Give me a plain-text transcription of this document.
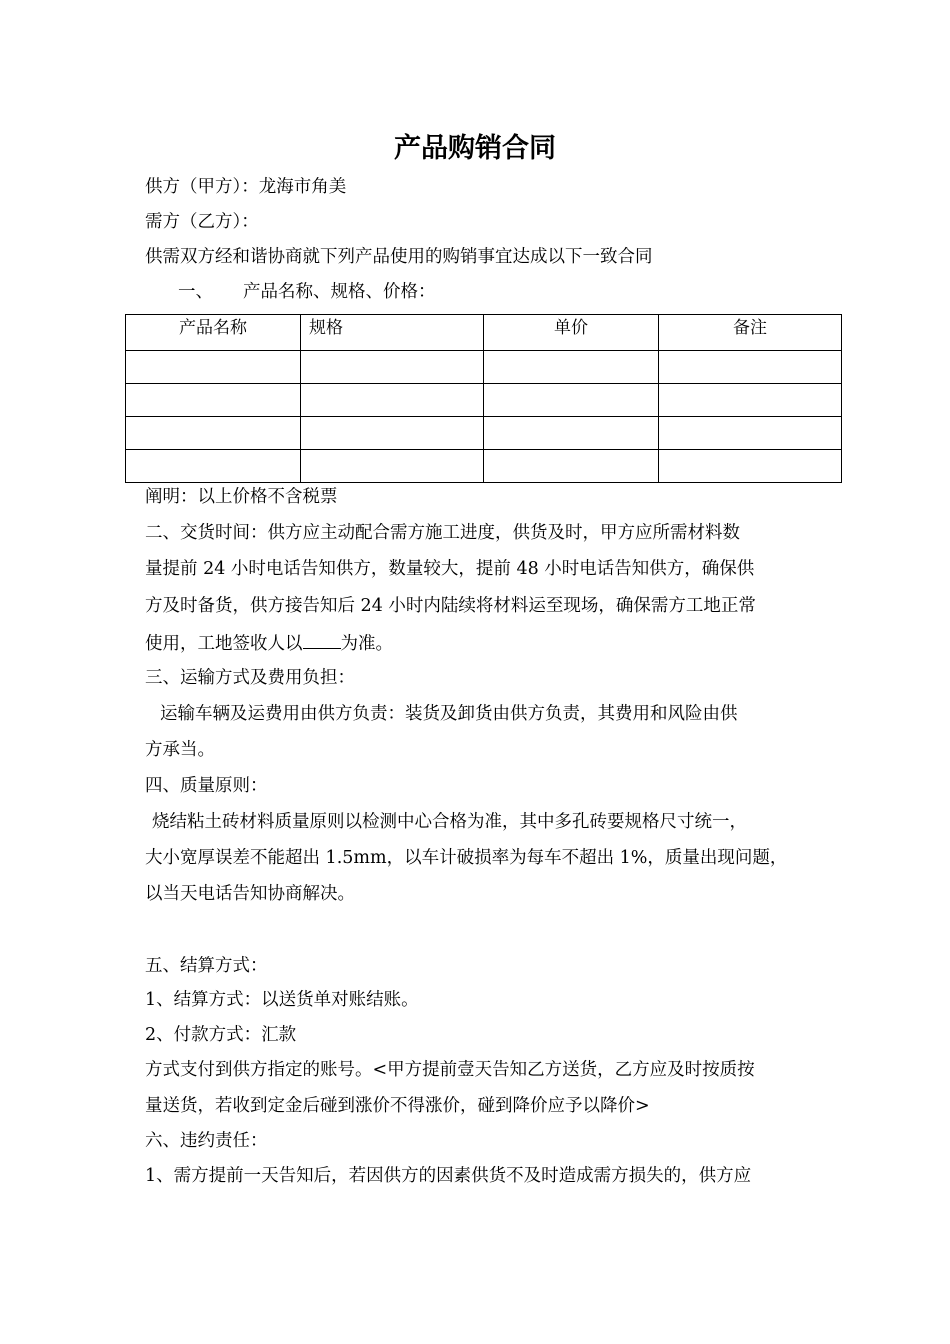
产品购销合同
供方（甲方）：龙海市角美
需方（乙方）：
供需双方经和谐协商就下列产品使用的购销事宜达成以下一致合同
一、 产品名称、规格、价格：
产品名称	规格	单价	备注

阐明：以上价格不含税票
二、交货时间：供方应主动配合需方施工进度，供货及时，甲方应所需材料数
量提前 24 小时电话告知供方，数量较大，提前 48 小时电话告知供方，确保供
方及时备货，供方接告知后 24 小时内陆续将材料运至现场，确保需方工地正常
使用，工地签收人以 为准。
三、运输方式及费用负担：
运输车辆及运费用由供方负责：装货及卸货由供方负责，其费用和风险由供
方承当。
四、质量原则：
烧结粘土砖材料质量原则以检测中心合格为准，其中多孔砖要规格尺寸统一，
大小宽厚误差不能超出 1.5mm，以车计破损率为每车不超出 1%，质量出现问题，
以当天电话告知协商解决。
五、结算方式：
1、结算方式：以送货单对账结账。
2、付款方式：汇款
方式支付到供方指定的账号。<甲方提前壹天告知乙方送货，乙方应及时按质按
量送货，若收到定金后碰到涨价不得涨价，碰到降价应予以降价>
六、违约责任：
1、需方提前一天告知后，若因供方的因素供货不及时造成需方损失的，供方应
